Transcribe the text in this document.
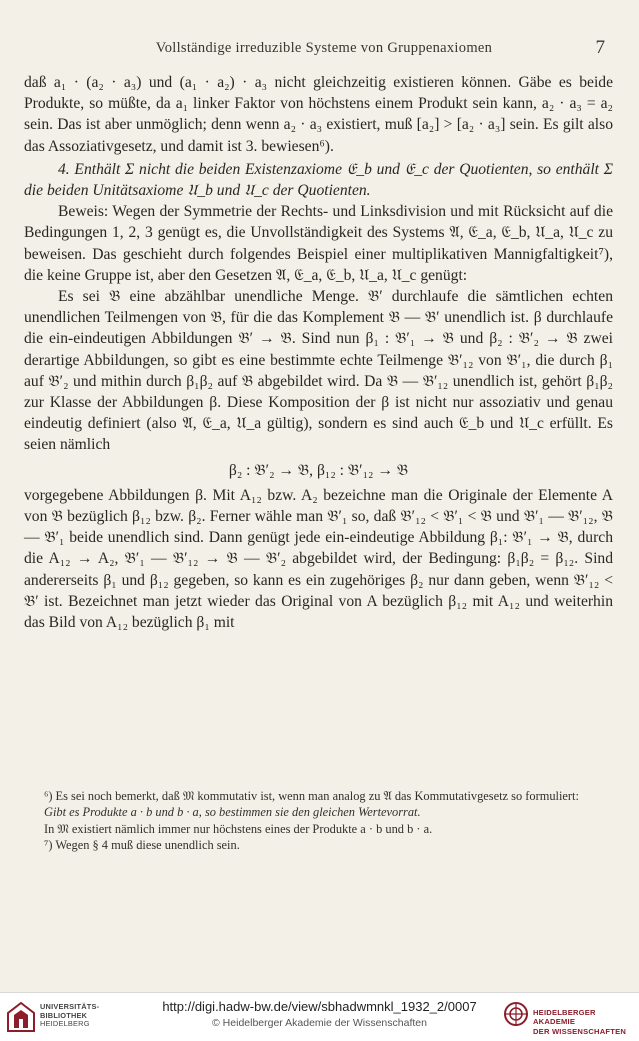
Vollständige irreduzible Systeme von Gruppenaxiomen	7

daß a₁ · (a₂ · a₃) und (a₁ · a₂) · a₃ nicht gleichzeitig existieren können. Gäbe es beide Produkte, so müßte, da a₁ linker Faktor von höchstens einem Produkt sein kann, a₂ · a₃ = a₂ sein. Das ist aber unmöglich; denn wenn a₂ · a₃ existiert, muß [a₂] > [a₂ · a₃] sein. Es gilt also das Assoziativgesetz, und damit ist 3. bewiesen⁶).

4. Enthält Σ nicht die beiden Existenzaxiome 𝔈_b und 𝔈_c der Quotienten, so enthält Σ die beiden Unitätsaxiome 𝔘_b und 𝔘_c der Quotienten.

Beweis: Wegen der Symmetrie der Rechts- und Linksdivision und mit Rücksicht auf die Bedingungen 1, 2, 3 genügt es, die Unvollständigkeit des Systems 𝔄, 𝔈_a, 𝔈_b, 𝔘_a, 𝔘_c zu beweisen. Das geschieht durch folgendes Beispiel einer multiplikativen Mannigfaltigkeit⁷), die keine Gruppe ist, aber den Gesetzen 𝔄, 𝔈_a, 𝔈_b, 𝔘_a, 𝔘_c genügt:

Es sei 𝔅 eine abzählbar unendliche Menge. 𝔅′ durchlaufe die sämtlichen echten unendlichen Teilmengen von 𝔅, für die das Komplement 𝔅 — 𝔅′ unendlich ist. β durchlaufe die ein-eindeutigen Abbildungen 𝔅′ → 𝔅. Sind nun β₁ : 𝔅′₁ → 𝔅 und β₂ : 𝔅′₂ → 𝔅 zwei derartige Abbildungen, so gibt es eine bestimmte echte Teilmenge 𝔅′₁₂ von 𝔅′₁, die durch β₁ auf 𝔅′₂ und mithin durch β₁β₂ auf 𝔅 abgebildet wird. Da 𝔅 — 𝔅′₁₂ unendlich ist, gehört β₁β₂ zur Klasse der Abbildungen β. Diese Komposition der β ist nicht nur assoziativ und genau eindeutig definiert (also 𝔄, 𝔈_a, 𝔘_a gültig), sondern es sind auch 𝔈_b und 𝔘_c erfüllt. Es seien nämlich

β₂ : 𝔅′₂ → 𝔅, β₁₂ : 𝔅′₁₂ → 𝔅

vorgegebene Abbildungen β. Mit A₁₂ bzw. A₂ bezeichne man die Originale der Elemente A von 𝔅 bezüglich β₁₂ bzw. β₂. Ferner wähle man 𝔅′₁ so, daß 𝔅′₁₂ < 𝔅′₁ < 𝔅 und 𝔅′₁ — 𝔅′₁₂, 𝔅 — 𝔅′₁ beide unendlich sind. Dann genügt jede ein-eindeutige Abbildung β₁: 𝔅′₁ → 𝔅, durch die A₁₂ → A₂, 𝔅′₁ — 𝔅′₁₂ → 𝔅 — 𝔅′₂ abgebildet wird, der Bedingung: β₁β₂ = β₁₂. Sind andererseits β₁ und β₁₂ gegeben, so kann es ein zugehöriges β₂ nur dann geben, wenn 𝔅′₁₂ < 𝔅′ ist. Bezeichnet man jetzt wieder das Original von A bezüglich β₁₂ mit A₁₂ und weiterhin das Bild von A₁₂ bezüglich β₁ mit

⁶) Es sei noch bemerkt, daß 𝔐 kommutativ ist, wenn man analog zu 𝔄 das Kommutativgesetz so formuliert:

Gibt es Produkte a · b und b · a, so bestimmen sie den gleichen Wertevorrat.

In 𝔐 existiert nämlich immer nur höchstens eines der Produkte a · b und b · a.

⁷) Wegen § 4 muß diese unendlich sein.

UNIVERSITÄTS-
BIBLIOTHEK
HEIDELBERG
http://digi.hadw-bw.de/view/sbhadwmnkl_1932_2/0007
© Heidelberger Akademie der Wissenschaften
HEIDELBERGER AKADEMIE
DER WISSENSCHAFTEN
